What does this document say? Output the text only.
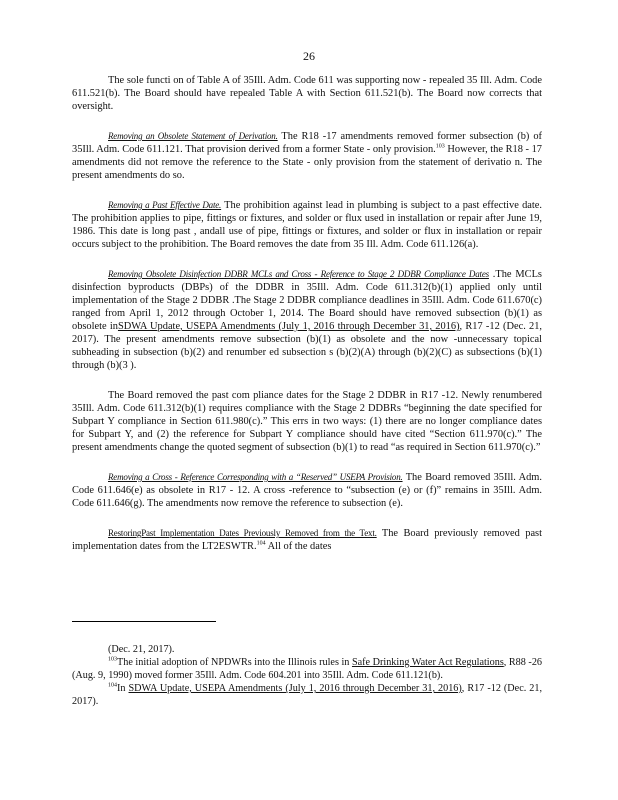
26

The sole functi on of Table A of 35Ill. Adm. Code 611 was supporting now - repealed 35 Ill. Adm. Code 611.521(b). The Board should have repealed Table A with Section 611.521(b). The Board now corrects that oversight.

Removing an Obsolete Statement of Derivation. The R18 -17 amendments removed former subsection (b) of 35Ill. Adm. Code 611.121. That provision derived from a former State - only provision.$^{103}$ However, the R18 - 17 amendments did not remove the reference to the State - only provision from the statement of derivatio n. The present amendments do so.

Removing a Past Effective Date. The prohibition against lead in plumbing is subject to a past effective date. The prohibition applies to pipe, fittings or fixtures, and solder or flux used in installation or repair after June 19, 1986. This date is long past , andall use of pipe, fittings or fixtures, and solder or flux in installation or repair occurs subject to the prohibition. The Board removes the date from 35 Ill. Adm. Code 611.126(a).

Removing Obsolete Disinfection DDBR MCLs and Cross - Reference to Stage 2 DDBR Compliance Dates .The MCLs disinfection byproducts (DBPs) of the DDBR in 35Ill. Adm. Code 611.312(b)(1) applied only until implementation of the Stage 2 DDBR .The Stage 2 DDBR compliance deadlines in 35Ill. Adm. Code 611.670(c) ranged from April 1, 2012 through October 1, 2014. The Board should have removed subsection (b)(1) as obsolete inSDWA Update, USEPA Amendments (July 1, 2016 through December 31, 2016), R17 -12 (Dec. 21, 2017). The present amendments remove subsection (b)(1) as obsolete and the now -unnecessary topical subheading in subsection (b)(2) and renumber ed subsection s (b)(2)(A) through (b)(2)(C) as subsections (b)(1) through (b)(3 ).

The Board removed the past com pliance dates for the Stage 2 DDBR in R17 -12. Newly renumbered 35Ill. Adm. Code 611.312(b)(1) requires compliance with the Stage 2 DDBRs “beginning the date specified for Subpart Y compliance in Section 611.980(c).” This errs in two ways: (1) there are no longer compliance dates for Subpart Y, and (2) the reference for Subpart Y compliance should have cited “Section 611.970(c).” The present amendments change the quoted segment of subsection (b)(1) to read “as required in Section 611.970(c).”

Removing a Cross - Reference Corresponding with a “Reserved” USEPA Provision. The Board removed 35Ill. Adm. Code 611.646(e) as obsolete in R17 - 12. A cross -reference to “subsection (e) or (f)” remains in 35Ill. Adm. Code 611.646(g). The amendments now remove the reference to subsection (e).

RestoringPast Implementation Dates Previously Removed from the Text. The Board previously removed past implementation dates from the LT2ESWTR.$^{104}$ All of the dates

(Dec. 21, 2017).

$^{103}$The initial adoption of NPDWRs into the Illinois rules in Safe Drinking Water Act Regulations, R88 -26 (Aug. 9, 1990) moved former 35Ill. Adm. Code 604.201 into 35Ill. Adm. Code 611.121(b).

$^{104}$In SDWA Update, USEPA Amendments (July 1, 2016 through December 31, 2016), R17 -12 (Dec. 21, 2017).
